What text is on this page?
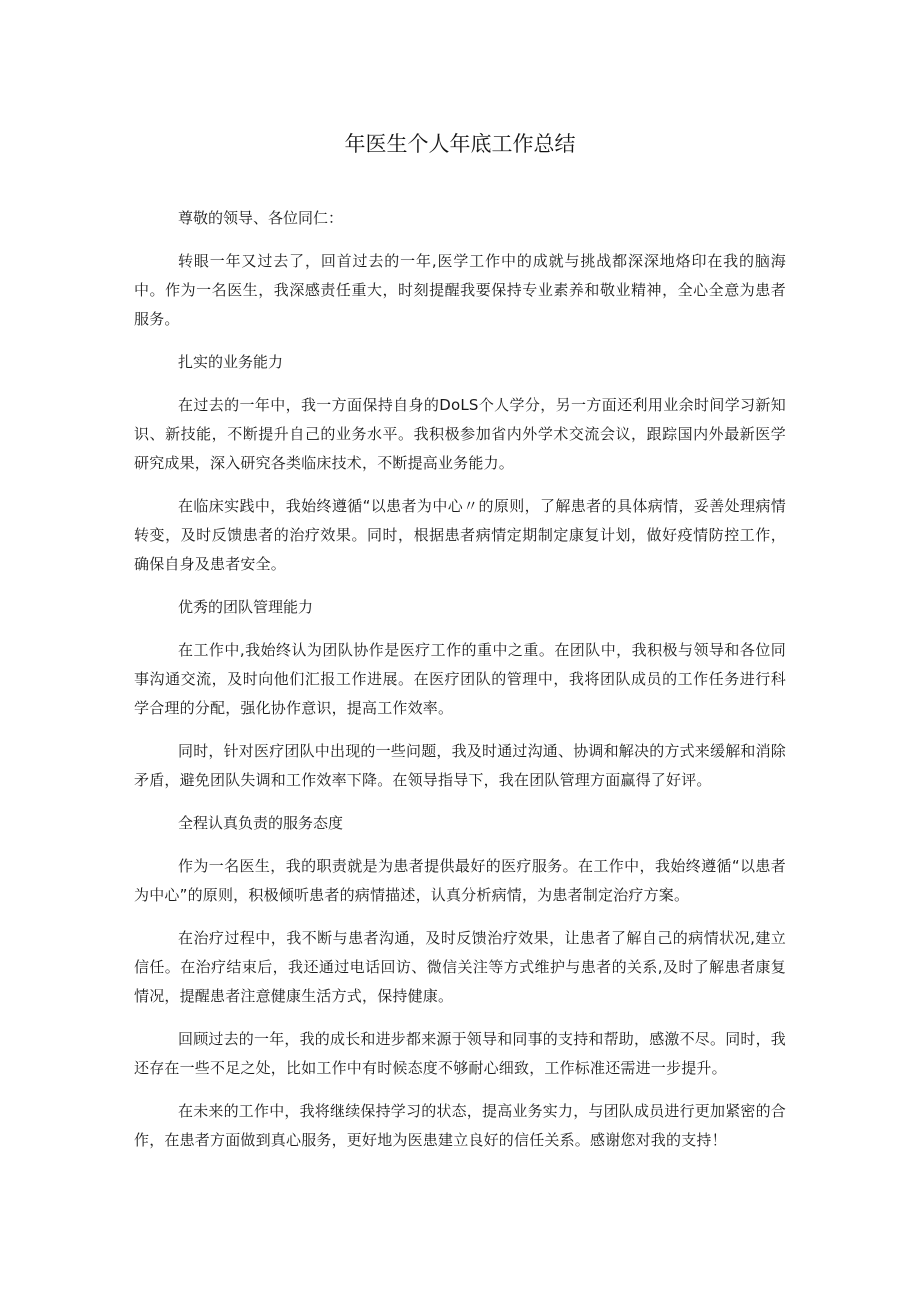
年医生个人年底工作总结

尊敬的领导、各位同仁：

转眼一年又过去了，回首过去的一年,医学工作中的成就与挑战都深深地烙印在我的脑海中。作为一名医生，我深感责任重大，时刻提醒我要保持专业素养和敬业精神，全心全意为患者服务。

扎实的业务能力

在过去的一年中，我一方面保持自身的DoLS个人学分，另一方面还利用业余时间学习新知识、新技能，不断提升自己的业务水平。我积极参加省内外学术交流会议，跟踪国内外最新医学研究成果，深入研究各类临床技术，不断提高业务能力。

在临床实践中，我始终遵循“以患者为中心〃的原则，了解患者的具体病情，妥善处理病情转变，及时反馈患者的治疗效果。同时，根据患者病情定期制定康复计划，做好疫情防控工作，确保自身及患者安全。

优秀的团队管理能力

在工作中,我始终认为团队协作是医疗工作的重中之重。在团队中，我积极与领导和各位同事沟通交流，及时向他们汇报工作进展。在医疗团队的管理中，我将团队成员的工作任务进行科学合理的分配，强化协作意识，提高工作效率。

同时，针对医疗团队中出现的一些问题，我及时通过沟通、协调和解决的方式来缓解和消除矛盾，避免团队失调和工作效率下降。在领导指导下，我在团队管理方面赢得了好评。

全程认真负责的服务态度

作为一名医生，我的职责就是为患者提供最好的医疗服务。在工作中，我始终遵循“以患者为中心”的原则，积极倾听患者的病情描述，认真分析病情，为患者制定治疗方案。

在治疗过程中，我不断与患者沟通，及时反馈治疗效果，让患者了解自己的病情状况,建立信任。在治疗结束后，我还通过电话回访、微信关注等方式维护与患者的关系,及时了解患者康复情况，提醒患者注意健康生活方式，保持健康。

回顾过去的一年，我的成长和进步都来源于领导和同事的支持和帮助，感激不尽。同时，我还存在一些不足之处，比如工作中有时候态度不够耐心细致，工作标准还需进一步提升。

在未来的工作中，我将继续保持学习的状态，提高业务实力，与团队成员进行更加紧密的合作，在患者方面做到真心服务，更好地为医患建立良好的信任关系。感谢您对我的支持！
